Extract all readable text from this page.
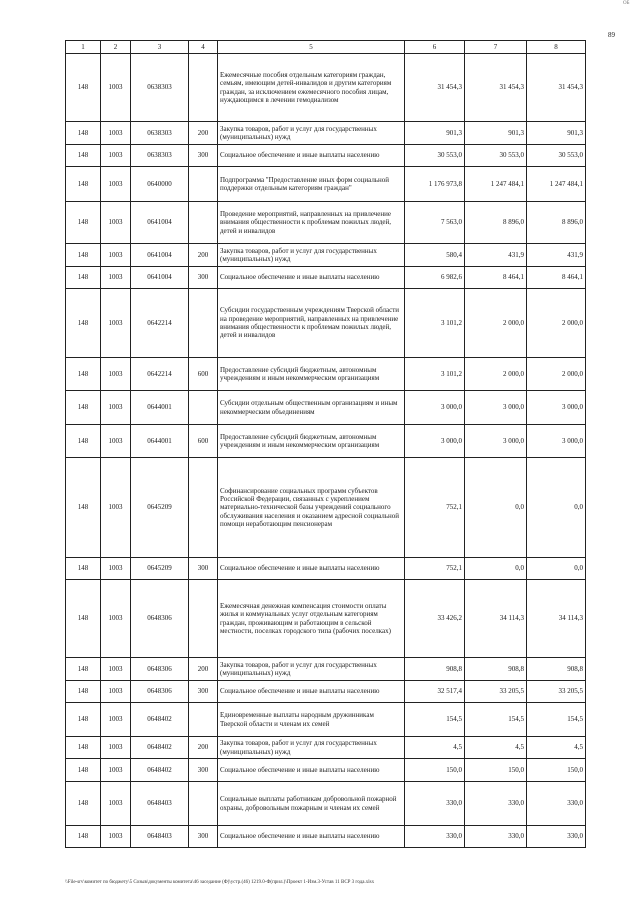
ОБ
89
1	2	3	4	5	6	7	8
148	1003	0638303		Ежемесячные пособия отдельным категориям граждан, семьям, имеющим детей-инвалидов и другим категориям граждан, за исключением ежемесячного пособия лицам, нуждающимся в лечении гемодиализом	31 454,3	31 454,3	31 454,3
148	1003	0638303	200	Закупка товаров, работ и услуг для государственных (муниципальных) нужд	901,3	901,3	901,3
148	1003	0638303	300	Социальное обеспечение и иные выплаты населению	30 553,0	30 553,0	30 553,0
148	1003	0640000		Подпрограмма "Предоставление иных форм социальной поддержки отдельным категориям граждан"	1 176 973,8	1 247 484,1	1 247 484,1
148	1003	0641004		Проведение мероприятий, направленных на привлечение внимания общественности к проблемам пожилых людей, детей и инвалидов	7 563,0	8 896,0	8 896,0
148	1003	0641004	200	Закупка товаров, работ и услуг для государственных (муниципальных) нужд	580,4	431,9	431,9
148	1003	0641004	300	Социальное обеспечение и иные выплаты населению	6 982,6	8 464,1	8 464,1
148	1003	0642214		Субсидии государственным учреждениям Тверской области на проведение мероприятий, направленных на привлечение внимания общественности к проблемам пожилых людей, детей и инвалидов	3 101,2	2 000,0	2 000,0
148	1003	0642214	600	Предоставление субсидий бюджетным, автономным учреждениям и иным некоммерческим организациям	3 101,2	2 000,0	2 000,0
148	1003	0644001		Субсидии отдельным общественным организациям и иным некоммерческим объединениям	3 000,0	3 000,0	3 000,0
148	1003	0644001	600	Предоставление субсидий бюджетным, автономным учреждениям и иным некоммерческим организациям	3 000,0	3 000,0	3 000,0
148	1003	0645209		Софинансирование социальных программ субъектов Российской Федерации, связанных с укреплением материально-технической базы учреждений социального обслуживания населения и оказанием адресной социальной помощи неработающим пенсионерам	752,1	0,0	0,0
148	1003	0645209	300	Социальное обеспечение и иные выплаты населению	752,1	0,0	0,0
148	1003	0648306		Ежемесячная денежная компенсация стоимости оплаты жилья и коммунальных услуг отдельным категориям граждан, проживающим и работающим в сельской местности, поселках городского типа (рабочих поселках)	33 426,2	34 114,3	34 114,3
148	1003	0648306	200	Закупка товаров, работ и услуг для государственных (муниципальных) нужд	908,8	908,8	908,8
148	1003	0648306	300	Социальное обеспечение и иные выплаты населению	32 517,4	33 205,5	33 205,5
148	1003	0648402		Единовременные выплаты народным дружинникам Тверской области и членам их семей	154,5	154,5	154,5
148	1003	0648402	200	Закупка товаров, работ и услуг для государственных (муниципальных) нужд	4,5	4,5	4,5
148	1003	0648402	300	Социальное обеспечение и иные выплаты населению	150,0	150,0	150,0
148	1003	0648403		Социальные выплаты работникам добровольной пожарной охраны, добровольным пожарным и членам их семей	330,0	330,0	330,0
148	1003	0648403	300	Социальное обеспечение и иные выплаты населению	330,0	330,0	330,0
\\File-srv\комитет по бюджету\5 Созыв\документы комитета\46 заседание (Ф)\устр.(46) 1219.0-Ф(прил.)\Проект 1-Изм.3-Устав 11 ВСР 3 года.xlsx
